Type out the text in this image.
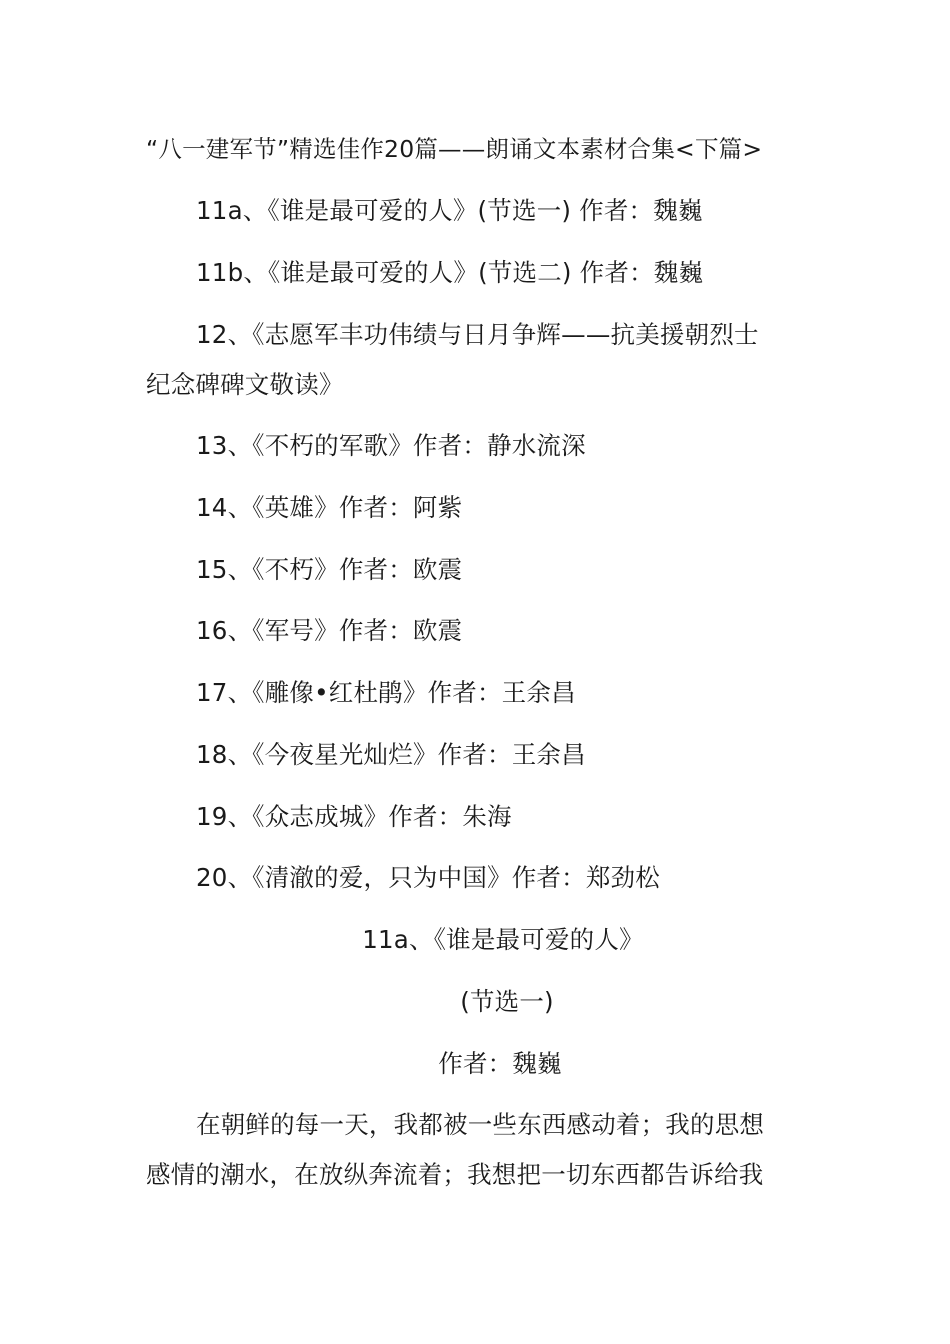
“八一建军节”精选佳作20篇——朗诵文本素材合集<下篇>
11a、《谁是最可爱的人》(节选一) 作者：魏巍
11b、《谁是最可爱的人》(节选二) 作者：魏巍
12、《志愿军丰功伟绩与日月争辉——抗美援朝烈士
纪念碑碑文敬读》
13、《不朽的军歌》作者：静水流深
14、《英雄》作者：阿紫
15、《不朽》作者：欧震
16、《军号》作者：欧震
17、《雕像•红杜鹃》作者：王余昌
18、《今夜星光灿烂》作者：王余昌
19、《众志成城》作者：朱海
20、《清澈的爱，只为中国》作者：郑劲松
11a、《谁是最可爱的人》
(节选一)
作者：魏巍
在朝鲜的每一天，我都被一些东西感动着；我的思想
感情的潮水，在放纵奔流着；我想把一切东西都告诉给我
